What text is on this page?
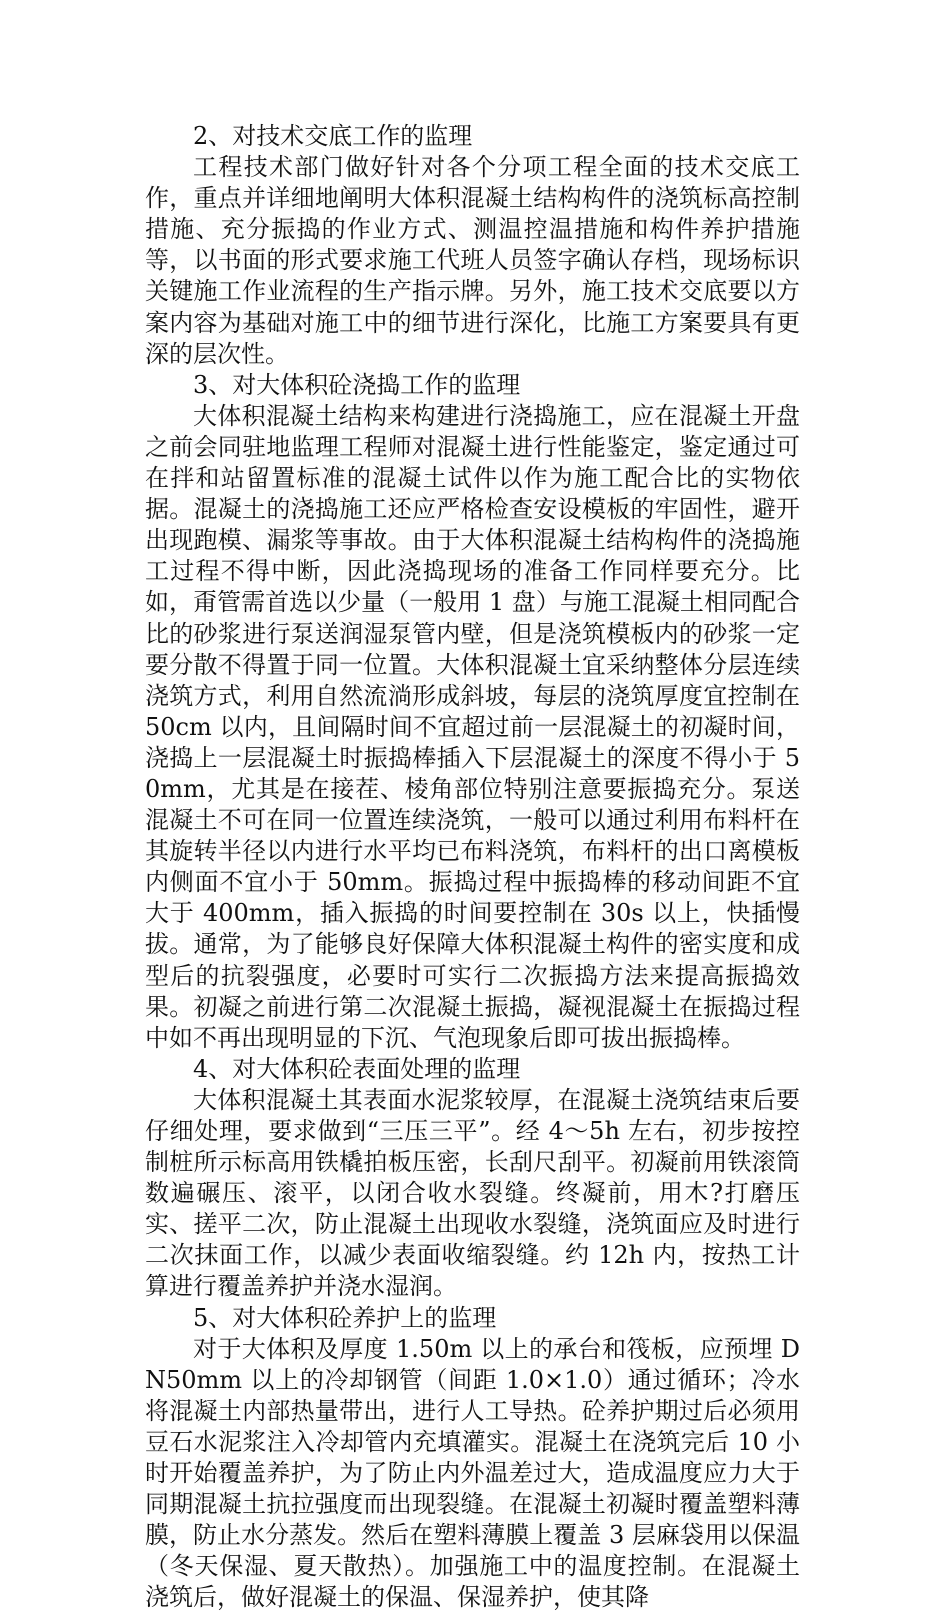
2、对技术交底工作的监理

工程技术部门做好针对各个分项工程全面的技术交底工作，重点并详细地阐明大体积混凝土结构构件的浇筑标高控制措施、充分振捣的作业方式、测温控温措施和构件养护措施等，以书面的形式要求施工代班人员签字确认存档，现场标识关键施工作业流程的生产指示牌。另外，施工技术交底要以方案内容为基础对施工中的细节进行深化，比施工方案要具有更深的层次性。

3、对大体积砼浇捣工作的监理

大体积混凝土结构来构建进行浇捣施工，应在混凝土开盘之前会同驻地监理工程师对混凝土进行性能鉴定，鉴定通过可在拌和站留置标准的混凝土试件以作为施工配合比的实物依据。混凝土的浇捣施工还应严格检查安设模板的牢固性，避开出现跑模、漏浆等事故。由于大体积混凝土结构构件的浇捣施工过程不得中断，因此浇捣现场的准备工作同样要充分。比如，甭管需首选以少量（一般用 1 盘）与施工混凝土相同配合比的砂浆进行泵送润湿泵管内壁，但是浇筑模板内的砂浆一定要分散不得置于同一位置。大体积混凝土宜采纳整体分层连续浇筑方式，利用自然流淌形成斜坡，每层的浇筑厚度宜控制在 50cm 以内，且间隔时间不宜超过前一层混凝土的初凝时间，浇捣上一层混凝土时振捣棒插入下层混凝土的深度不得小于 50mm，尤其是在接茬、棱角部位特别注意要振捣充分。泵送混凝土不可在同一位置连续浇筑，一般可以通过利用布料杆在其旋转半径以内进行水平均已布料浇筑，布料杆的出口离模板内侧面不宜小于 50mm。振捣过程中振捣棒的移动间距不宜大于 400mm，插入振捣的时间要控制在 30s 以上，快插慢拔。通常，为了能够良好保障大体积混凝土构件的密实度和成型后的抗裂强度，必要时可实行二次振捣方法来提高振捣效果。初凝之前进行第二次混凝土振捣，凝视混凝土在振捣过程中如不再出现明显的下沉、气泡现象后即可拔出振捣棒。

4、对大体积砼表面处理的监理

大体积混凝土其表面水泥浆较厚，在混凝土浇筑结束后要仔细处理，要求做到“三压三平”。经 4～5h 左右，初步按控制桩所示标高用铁橇拍板压密，长刮尺刮平。初凝前用铁滚筒数遍碾压、滚平，以闭合收水裂缝。终凝前，用木?打磨压实、搓平二次，防止混凝土出现收水裂缝，浇筑面应及时进行二次抹面工作，以减少表面收缩裂缝。约 12h 内，按热工计算进行覆盖养护并浇水湿润。

5、对大体积砼养护上的监理

对于大体积及厚度 1.50m 以上的承台和筏板，应预埋 DN50mm 以上的冷却钢管（间距 1.0×1.0）通过循环；冷水将混凝土内部热量带出，进行人工导热。砼养护期过后必须用豆石水泥浆注入冷却管内充填灌实。混凝土在浇筑完后 10 小时开始覆盖养护，为了防止内外温差过大，造成温度应力大于同期混凝土抗拉强度而出现裂缝。在混凝土初凝时覆盖塑料薄膜，防止水分蒸发。然后在塑料薄膜上覆盖 3 层麻袋用以保温（冬天保湿、夏天散热）。加强施工中的温度控制。在混凝土浇筑后，做好混凝土的保温、保湿养护，使其降
